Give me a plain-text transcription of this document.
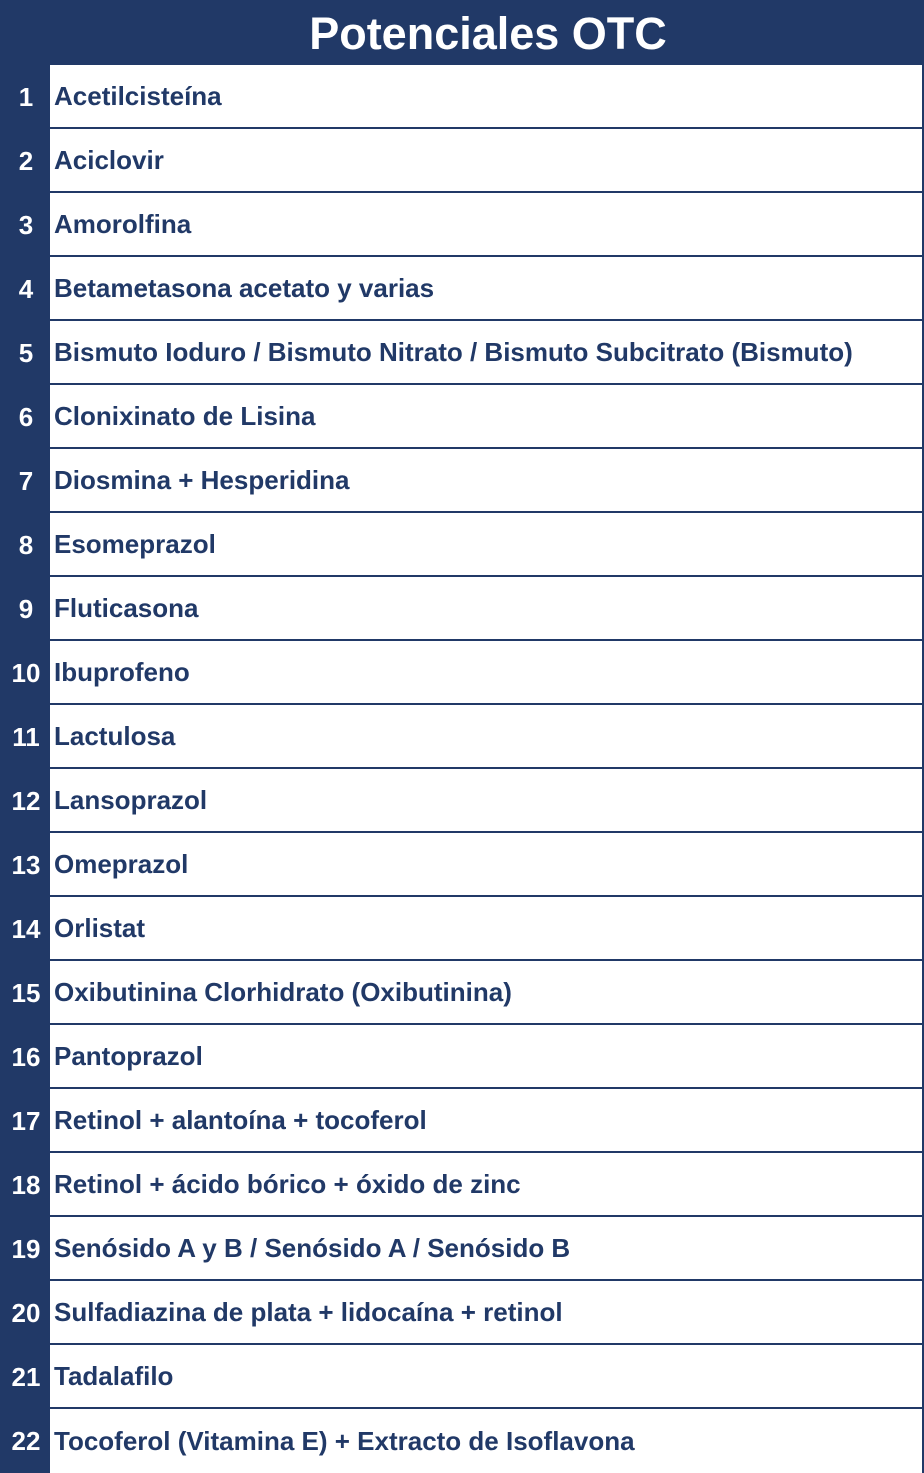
Potenciales OTC
1 Acetilcisteína
2 Aciclovir
3 Amorolfina
4 Betametasona acetato y varias
5 Bismuto Ioduro / Bismuto Nitrato / Bismuto Subcitrato (Bismuto)
6 Clonixinato de Lisina
7 Diosmina + Hesperidina
8 Esomeprazol
9 Fluticasona
10 Ibuprofeno
11 Lactulosa
12 Lansoprazol
13 Omeprazol
14 Orlistat
15 Oxibutinina Clorhidrato (Oxibutinina)
16 Pantoprazol
17 Retinol + alantoína + tocoferol
18 Retinol + ácido bórico + óxido de zinc
19 Senósido A y B / Senósido A / Senósido B
20 Sulfadiazina de plata + lidocaína + retinol
21 Tadalafilo
22 Tocoferol (Vitamina E) + Extracto de Isoflavona
